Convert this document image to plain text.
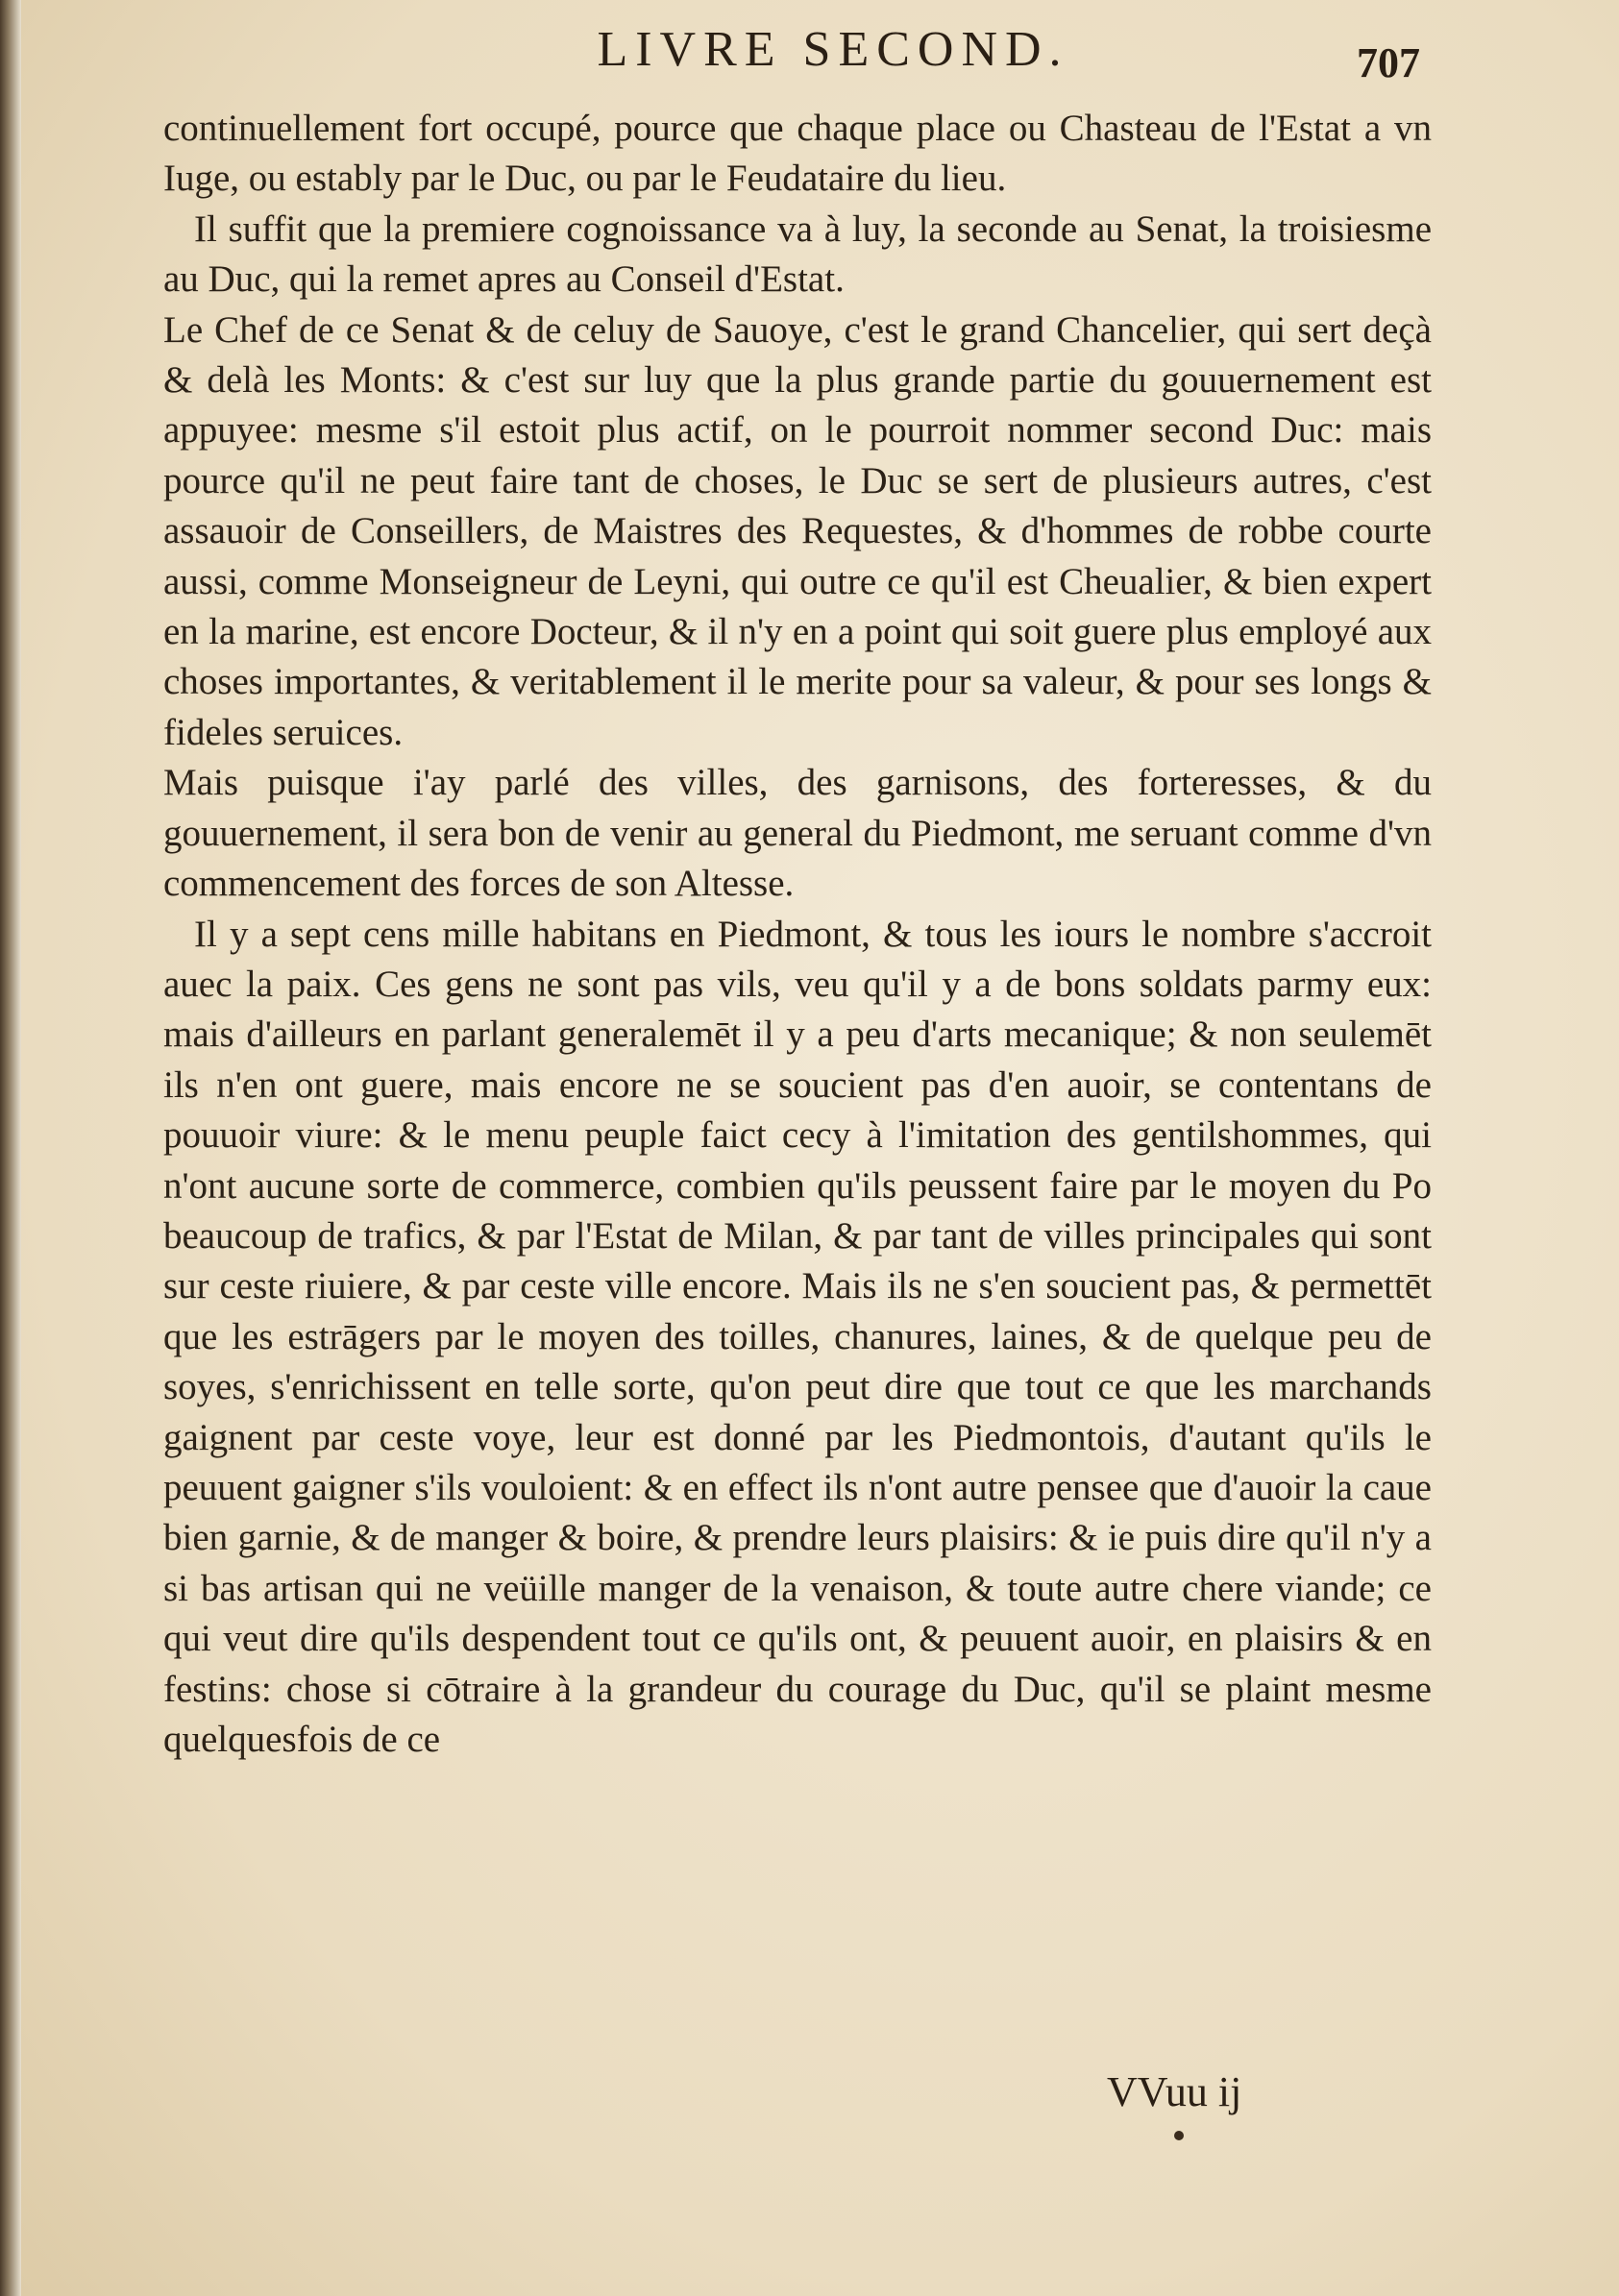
LIVRE SECOND.	707

continuellement fort occupé, pource que chaque place ou Chasteau de l'Estat a vn Iuge, ou estably par le Duc, ou par le Feudataire du lieu.

Il suffit que la premiere cognoissance va à luy, la seconde au Senat, la troisiesme au Duc, qui la remet apres au Conseil d'Estat.

Le Chef de ce Senat & de celuy de Sauoye, c'est le grand Chancelier, qui sert deçà & delà les Monts: & c'est sur luy que la plus grande partie du gouuernement est appuyee: mesme s'il estoit plus actif, on le pourroit nommer second Duc: mais pource qu'il ne peut faire tant de choses, le Duc se sert de plusieurs autres, c'est assauoir de Conseillers, de Maistres des Requestes, & d'hommes de robbe courte aussi, comme Monseigneur de Leyni, qui outre ce qu'il est Cheualier, & bien expert en la marine, est encore Docteur, & il n'y en a point qui soit guere plus employé aux choses importantes, & veritablement il le merite pour sa valeur, & pour ses longs & fideles seruices.

Mais puisque i'ay parlé des villes, des garnisons, des forteresses, & du gouuernement, il sera bon de venir au general du Piedmont, me seruant comme d'vn commencement des forces de son Altesse.

Il y a sept cens mille habitans en Piedmont, & tous les iours le nombre s'accroit auec la paix. Ces gens ne sont pas vils, veu qu'il y a de bons soldats parmy eux: mais d'ailleurs en parlant generalemēt il y a peu d'arts mecanique; & non seulemēt ils n'en ont guere, mais encore ne se soucient pas d'en auoir, se contentans de pouuoir viure: & le menu peuple faict cecy à l'imitation des gentilshommes, qui n'ont aucune sorte de commerce, combien qu'ils peussent faire par le moyen du Po beaucoup de trafics, & par l'Estat de Milan, & par tant de villes principales qui sont sur ceste riuiere, & par ceste ville encore. Mais ils ne s'en soucient pas, & permettēt que les estrāgers par le moyen des toilles, chanures, laines, & de quelque peu de soyes, s'enrichissent en telle sorte, qu'on peut dire que tout ce que les marchands gaignent par ceste voye, leur est donné par les Piedmontois, d'autant qu'ils le peuuent gaigner s'ils vouloient: & en effect ils n'ont autre pensee que d'auoir la caue bien garnie, & de manger & boire, & prendre leurs plaisirs: & ie puis dire qu'il n'y a si bas artisan qui ne veüille manger de la venaison, & toute autre chere viande; ce qui veut dire qu'ils despendent tout ce qu'ils ont, & peuuent auoir, en plaisirs & en festins: chose si cōtraire à la grandeur du courage du Duc, qu'il se plaint mesme quelquesfois de ce

VVuu ij
